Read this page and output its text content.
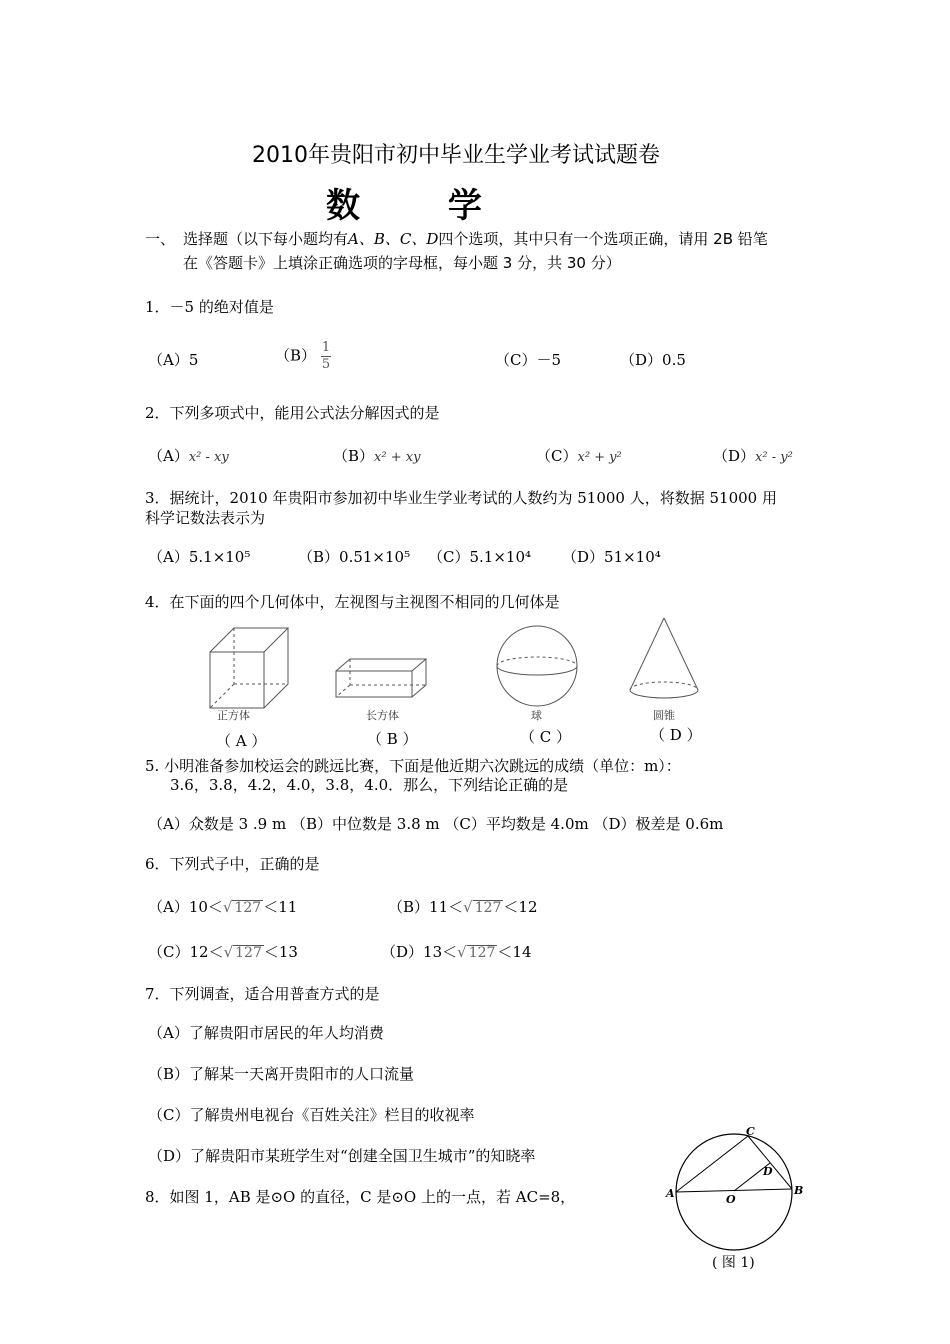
2010年贵阳市初中毕业生学业考试试题卷
数 学
一、 选择题（以下每小题均有A、B、C、D四个选项，其中只有一个选项正确，请用 2B 铅笔
在《答题卡》上填涂正确选项的字母框，每小题 3 分，共 30 分）
1．－5 的绝对值是
（A）5	$(B) \frac{1}{5}$	（C）－5	（D）0.5
2．下列多项式中，能用公式法分解因式的是
（A）x² - xy	（B）x² + xy	（C）x² + y²	（D）x² - y²
3．据统计，2010 年贵阳市参加初中毕业生学业考试的人数约为 51000 人，将数据 51000 用
科学记数法表示为
（A）5.1×10⁵	（B）0.51×10⁵ （C）5.1×10⁴ （D）51×10⁴
4．在下面的四个几何体中，左视图与主视图不相同的几何体是
正方体	长方体	球	圆锥
（ A ）	（ B ）	（ C ）	（ D ）
5. 小明准备参加校运会的跳远比赛，下面是他近期六次跳远的成绩（单位：m）：
3.6，3.8，4.2，4.0，3.8，4.0．那么，下列结论正确的是
（A）众数是 3 .9 m （B）中位数是 3.8 m （C）平均数是 4.0m （D）极差是 0.6m
6．下列式子中，正确的是
（A）10＜√ 127 ＜11	（B）11＜√ 127 ＜12
（C）12＜√ 127 ＜13	（D）13＜√ 127 ＜14
7．下列调查，适合用普查方式的是
（A）了解贵阳市居民的年人均消费
（B）了解某一天离开贵阳市的人口流量
（C）了解贵州电视台《百姓关注》栏目的收视率
（D）了解贵阳市某班学生对“创建全国卫生城市”的知晓率
8．如图 1，AB 是⊙O 的直径，C 是⊙O 上的一点，若 AC=8，	A	B
C
D
O
( 图 1)
